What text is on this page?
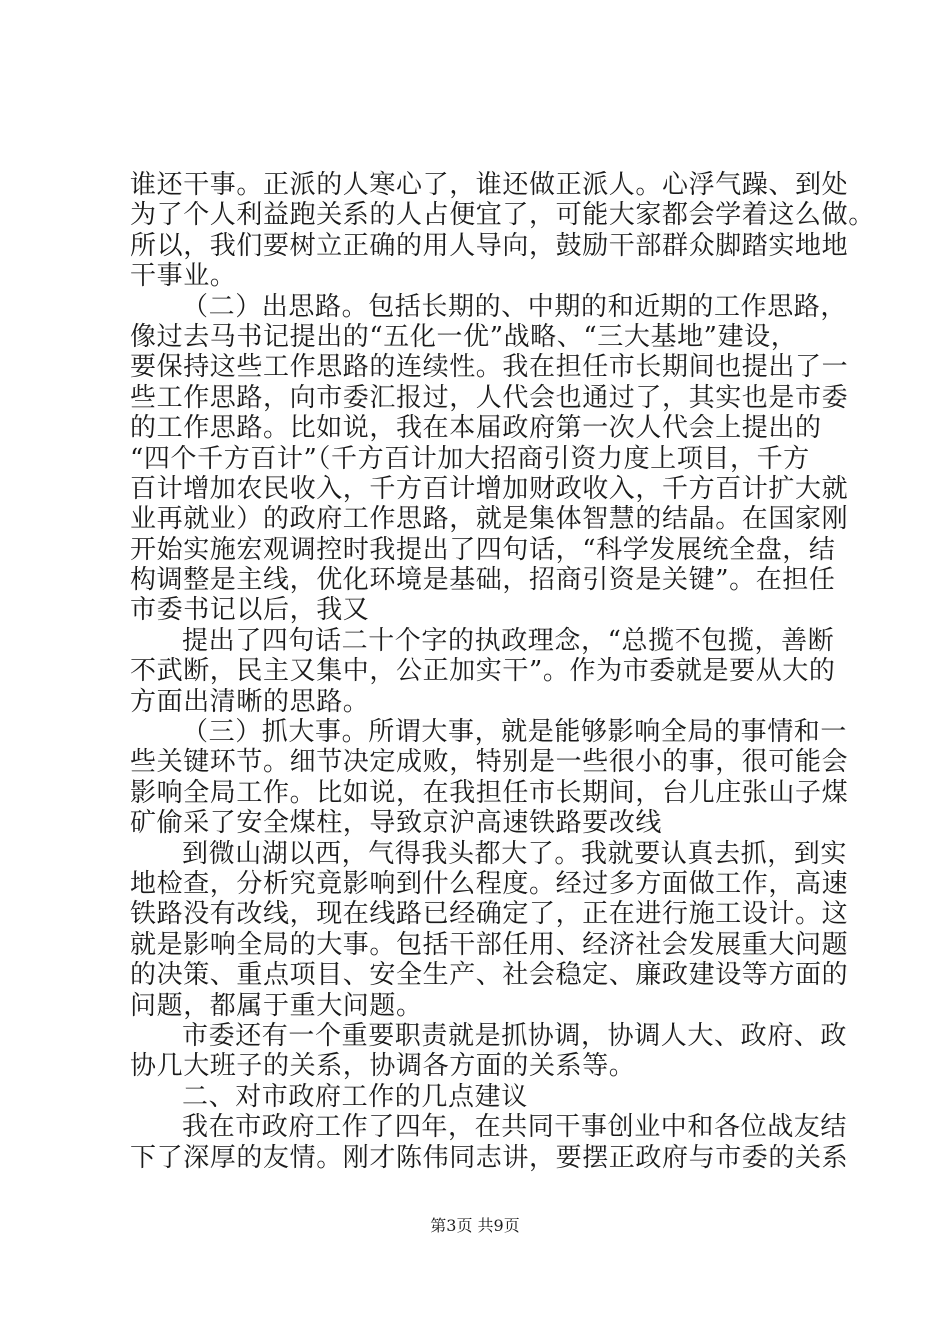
谁还干事。正派的人寒心了，谁还做正派人。心浮气躁、到处
为了个人利益跑关系的人占便宜了，可能大家都会学着这么做。
所以，我们要树立正确的用人导向，鼓励干部群众脚踏实地地
干事业。
（二）出思路。包括长期的、中期的和近期的工作思路，
像过去马书记提出的“五化一优”战略、“三大基地”建设，
要保持这些工作思路的连续性。我在担任市长期间也提出了一
些工作思路，向市委汇报过，人代会也通过了，其实也是市委
的工作思路。比如说，我在本届政府第一次人代会上提出的
“四个千方百计”（千方百计加大招商引资力度上项目，千方
百计增加农民收入，千方百计增加财政收入，千方百计扩大就
业再就业）的政府工作思路，就是集体智慧的结晶。在国家刚
开始实施宏观调控时我提出了四句话，“科学发展统全盘，结
构调整是主线，优化环境是基础，招商引资是关键”。在担任
市委书记以后，我又
提出了四句话二十个字的执政理念，“总揽不包揽，善断
不武断，民主又集中，公正加实干”。作为市委就是要从大的
方面出清晰的思路。
（三）抓大事。所谓大事，就是能够影响全局的事情和一
些关键环节。细节决定成败，特别是一些很小的事，很可能会
影响全局工作。比如说，在我担任市长期间，台儿庄张山子煤
矿偷采了安全煤柱，导致京沪高速铁路要改线
到微山湖以西，气得我头都大了。我就要认真去抓，到实
地检查，分析究竟影响到什么程度。经过多方面做工作，高速
铁路没有改线，现在线路已经确定了，正在进行施工设计。这
就是影响全局的大事。包括干部任用、经济社会发展重大问题
的决策、重点项目、安全生产、社会稳定、廉政建设等方面的
问题，都属于重大问题。
市委还有一个重要职责就是抓协调，协调人大、政府、政
协几大班子的关系，协调各方面的关系等。
二、对市政府工作的几点建议
我在市政府工作了四年，在共同干事创业中和各位战友结
下了深厚的友情。刚才陈伟同志讲，要摆正政府与市委的关系
第3页 共9页
